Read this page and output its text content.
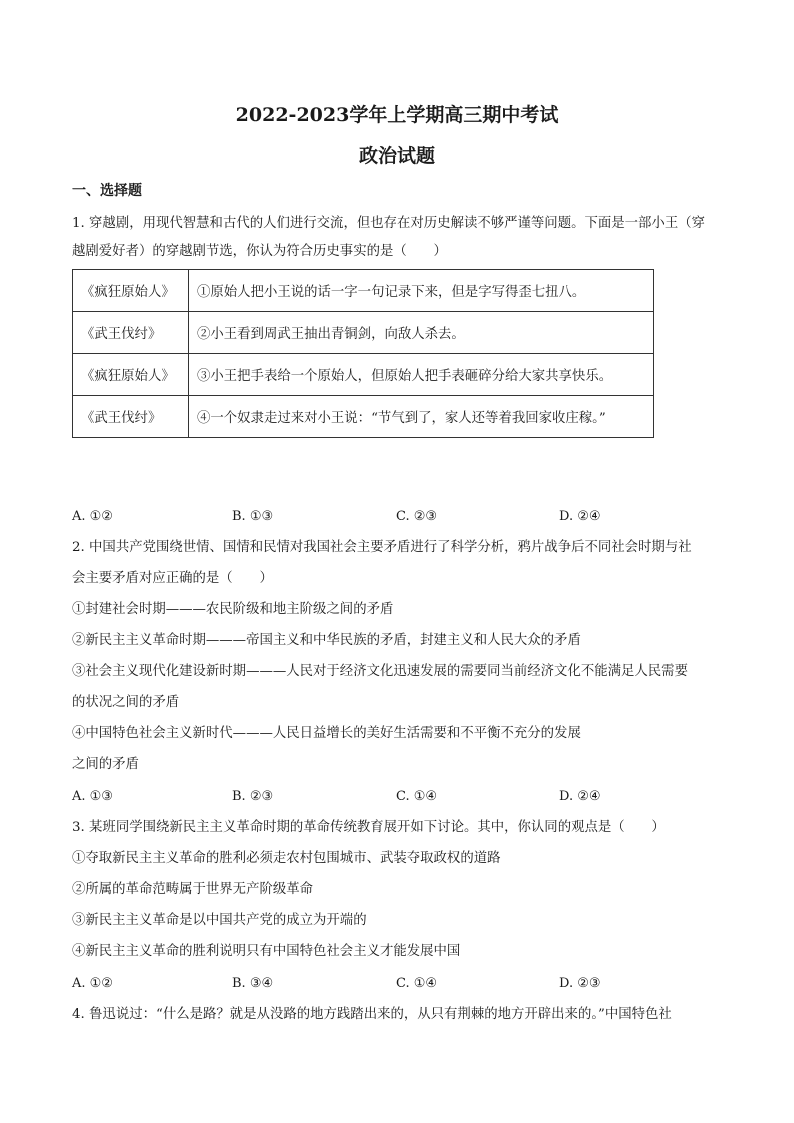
2022-2023学年上学期高三期中考试
政治试题
一、选择题
1. 穿越剧，用现代智慧和古代的人们进行交流，但也存在对历史解读不够严谨等问题。下面是一部小王（穿
越剧爱好者）的穿越剧节选，你认为符合历史事实的是（　　）
《疯狂原始人》	①原始人把小王说的话一字一句记录下来，但是字写得歪七扭八。
《武王伐纣》	②小王看到周武王抽出青铜剑，向敌人杀去。
《疯狂原始人》	③小王把手表给一个原始人，但原始人把手表砸碎分给大家共享快乐。
《武王伐纣》	④一个奴隶走过来对小王说：“节气到了，家人还等着我回家收庄稼。”
A. ①②	B. ①③	C. ②③	D. ②④
2. 中国共产党围绕世情、国情和民情对我国社会主要矛盾进行了科学分析，鸦片战争后不同社会时期与社
会主要矛盾对应正确的是（　　）
①封建社会时期———农民阶级和地主阶级之间的矛盾
②新民主主义革命时期———帝国主义和中华民族的矛盾，封建主义和人民大众的矛盾
③社会主义现代化建设新时期———人民对于经济文化迅速发展的需要同当前经济文化不能满足人民需要
的状况之间的矛盾
④中国特色社会主义新时代———人民日益增长的美好生活需要和不平衡不充分的发展
之间的矛盾
A. ①③	B. ②③	C. ①④	D. ②④
3. 某班同学围绕新民主主义革命时期的革命传统教育展开如下讨论。其中，你认同的观点是（　　）
①夺取新民主主义革命的胜利必须走农村包围城市、武装夺取政权的道路
②所属的革命范畴属于世界无产阶级革命
③新民主主义革命是以中国共产党的成立为开端的
④新民主主义革命的胜利说明只有中国特色社会主义才能发展中国
A. ①②	B. ③④	C. ①④	D. ②③
4. 鲁迅说过：“什么是路？就是从没路的地方践踏出来的，从只有荆棘的地方开辟出来的。”中国特色社
